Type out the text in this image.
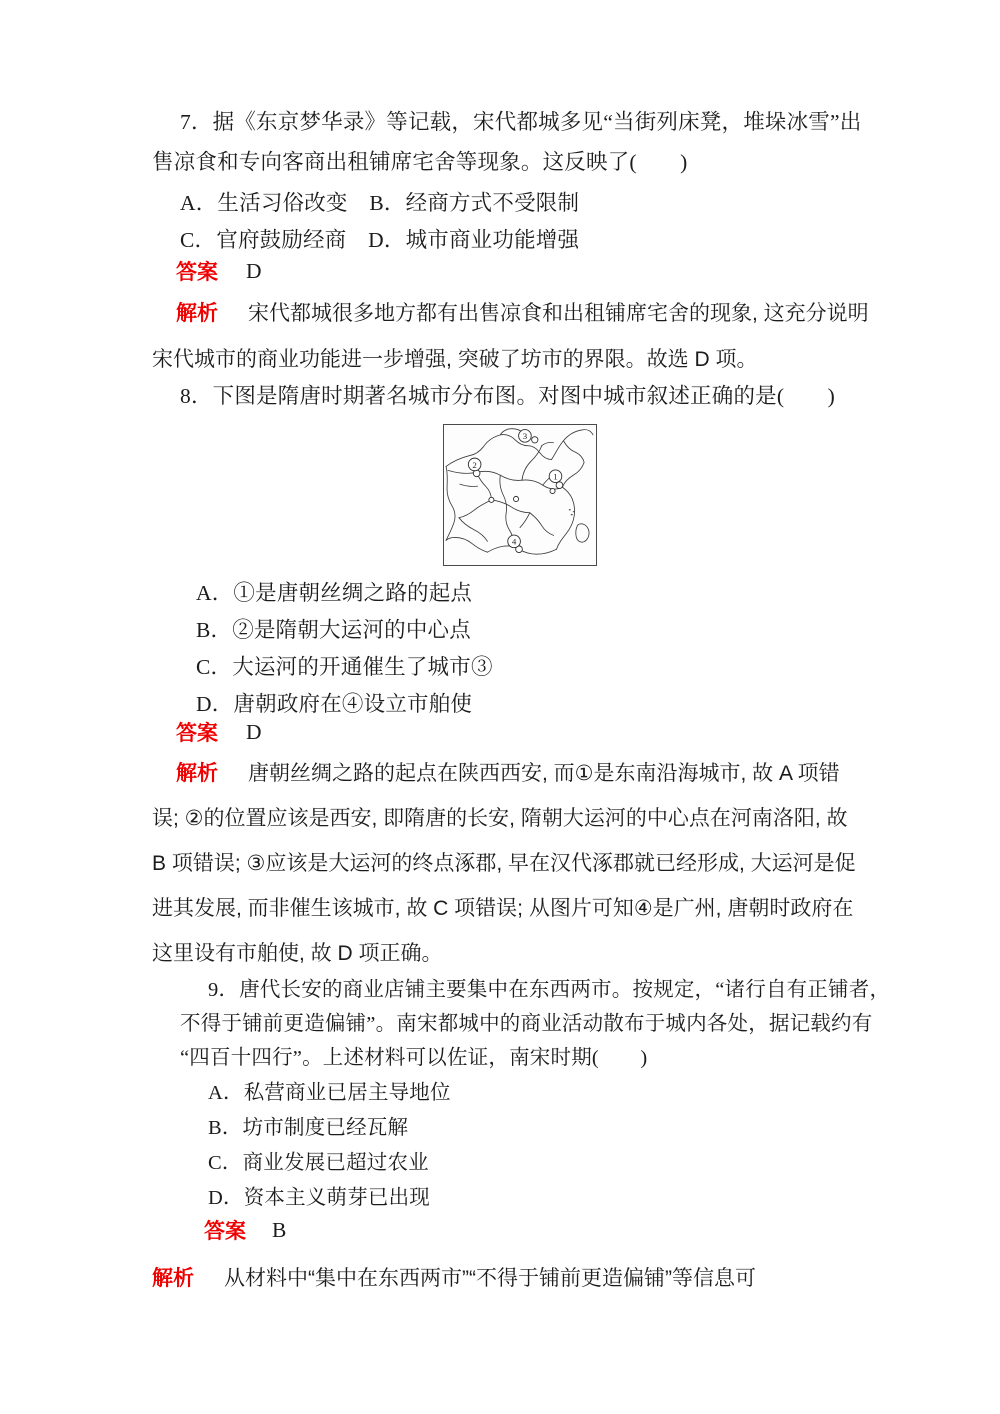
7．据《东京梦华录》等记载，宋代都城多见“当街列床凳，堆垛冰雪”出
售凉食和专向客商出租铺席宅舍等现象。这反映了(　　)
A．生活习俗改变　B．经商方式不受限制
C．官府鼓励经商　D．城市商业功能增强
答案 D
解析 宋代都城很多地方都有出售凉食和出租铺席宅舍的现象, 这充分说明
宋代城市的商业功能进一步增强, 突破了坊市的界限。故选 D 项。
8．下图是隋唐时期著名城市分布图。对图中城市叙述正确的是(　　)
1
2
3
4
A．①是唐朝丝绸之路的起点
B．②是隋朝大运河的中心点
C．大运河的开通催生了城市③
D．唐朝政府在④设立市舶使
答案 D
解析 唐朝丝绸之路的起点在陕西西安, 而①是东南沿海城市, 故 A 项错
误; ②的位置应该是西安, 即隋唐的长安, 隋朝大运河的中心点在河南洛阳, 故
B 项错误; ③应该是大运河的终点涿郡, 早在汉代涿郡就已经形成, 大运河是促
进其发展, 而非催生该城市, 故 C 项错误; 从图片可知④是广州, 唐朝时政府在
这里设有市舶使, 故 D 项正确。
9．唐代长安的商业店铺主要集中在东西两市。按规定，“诸行自有正铺者，
不得于铺前更造偏铺”。南宋都城中的商业活动散布于城内各处，据记载约有
“四百十四行”。上述材料可以佐证，南宋时期(　　)
A．私营商业已居主导地位
B．坊市制度已经瓦解
C．商业发展已超过农业
D．资本主义萌芽已出现
答案 B
解析 从材料中“集中在东西两市”“不得于铺前更造偏铺”等信息可
